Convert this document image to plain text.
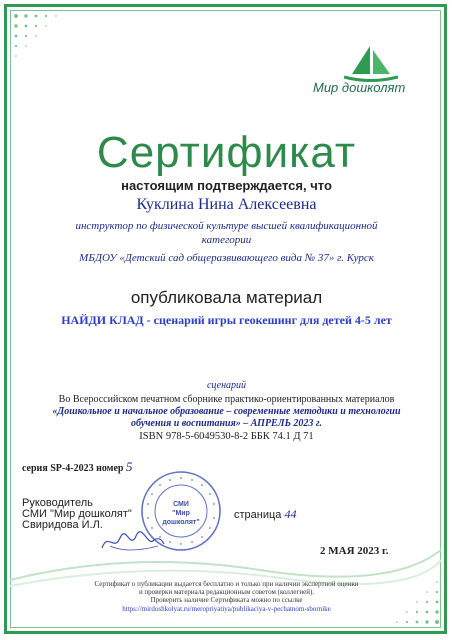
Мир дошколят
Сертификат
настоящим подтверждается, что
Куклина Нина Алексеевна
инструктор по физической культуре высшей квалификационной
категории
МБДОУ «Детский сад общеразвивающего вида № 37» г. Курск
опубликовала материал
НАЙДИ КЛАД - сценарий игры геокешинг для детей 4-5 лет
сценарий
Во Всероссийском печатном сборнике практико-ориентированных материалов
«Дошкольное и начальное образование – современные методики и технологии
обучения и воспитания» – АПРЕЛЬ 2023 г.
ISBN 978-5-6049530-8-2 ББК 74.1 Д 71
серия SP-4-2023 номер 5
Руководитель
СМИ "Мир дошколят"
Свиридова И.Л.
СМИ
"Мир
дошколят"
страница 44
2 МАЯ 2023 г.
Сертификат о публикации выдается бесплатно и только при наличии экспертной оценки
и проверки материала редакционным советом (коллегией).
Проверить наличие Сертификата можно по ссылке
https://mirdoshkolyat.ru/meropriyatiya/publikaciya-v-pechatnom-sbornike
